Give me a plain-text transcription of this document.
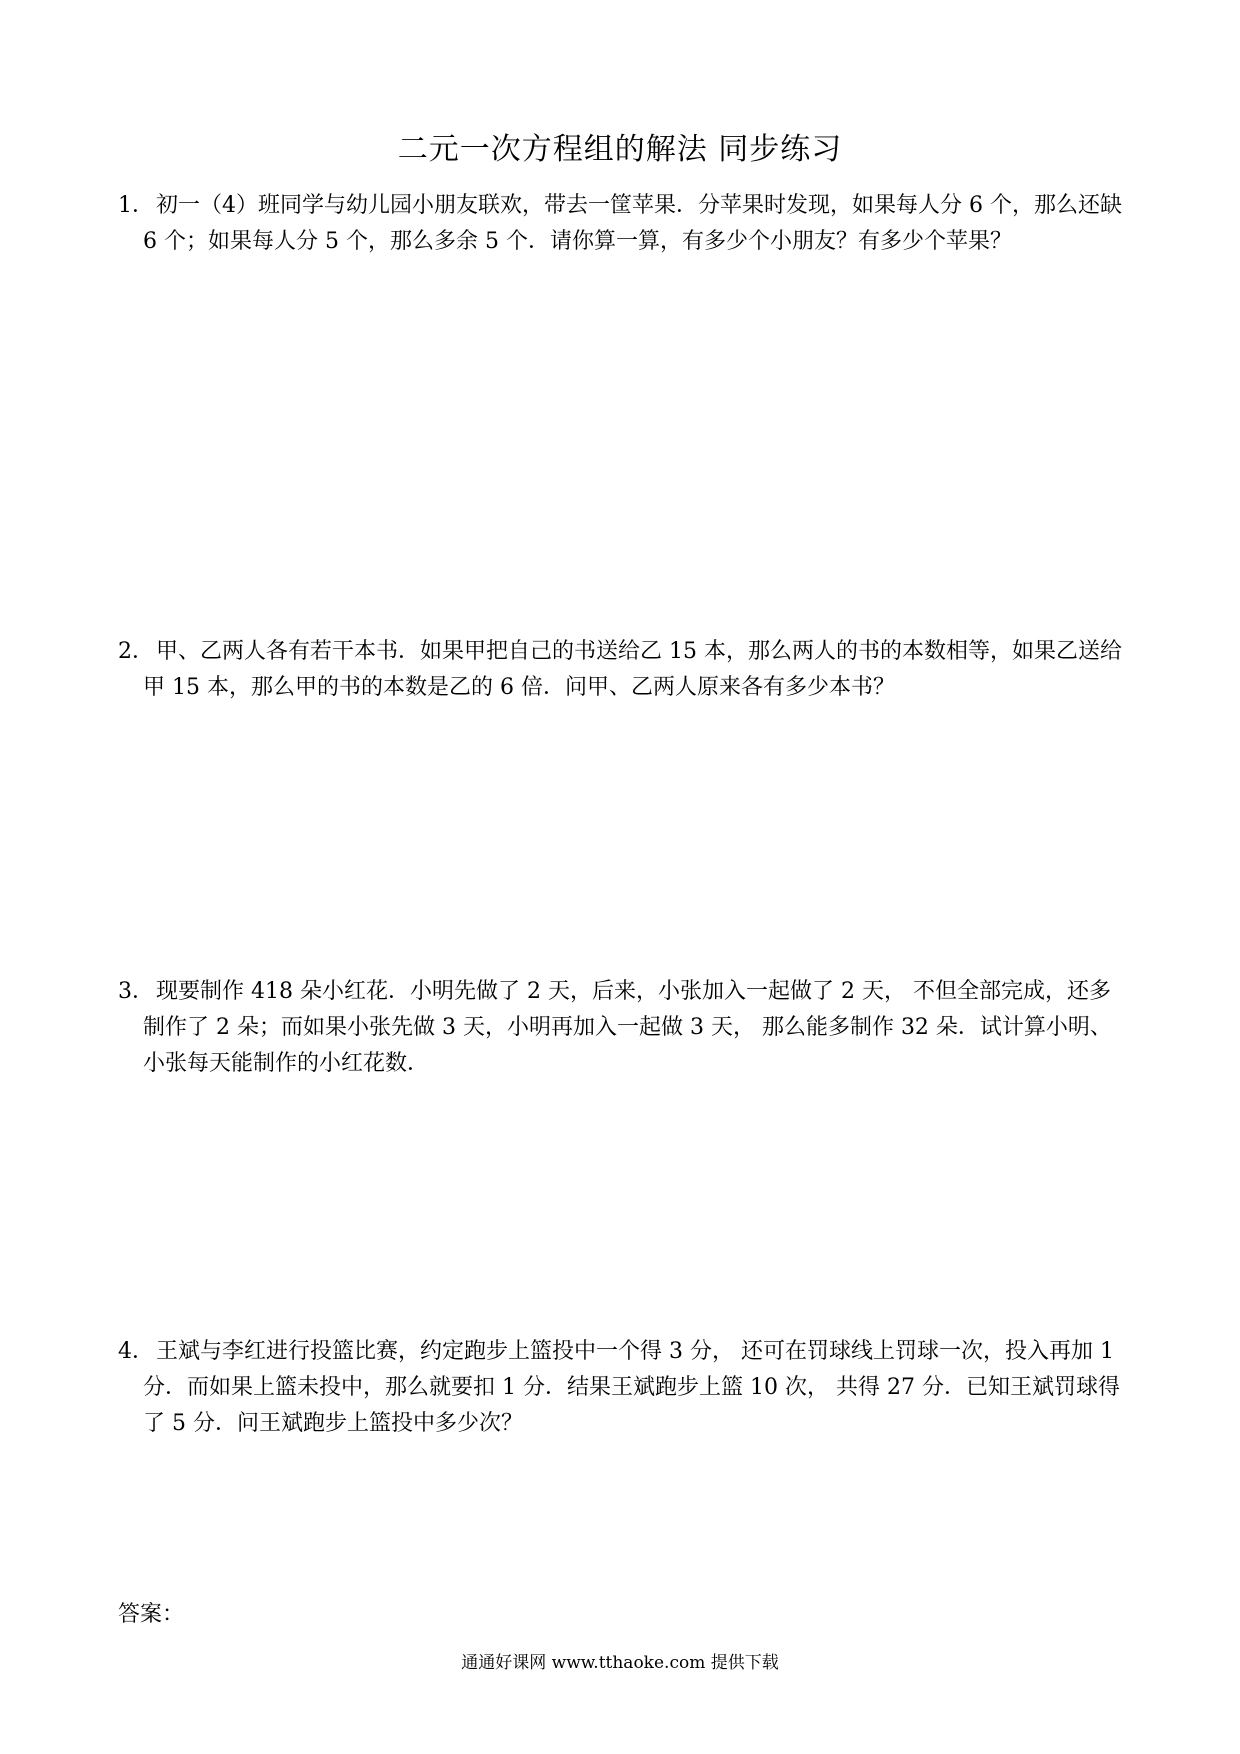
二元一次方程组的解法 同步练习
1．初一（4）班同学与幼儿园小朋友联欢，带去一筐苹果．分苹果时发现，如果每人分 6 个，那么还缺 6 个；如果每人分 5 个，那么多余 5 个．请你算一算，有多少个小朋友？有多少个苹果？
2．甲、乙两人各有若干本书．如果甲把自己的书送给乙 15 本，那么两人的书的本数相等，如果乙送给甲 15 本，那么甲的书的本数是乙的 6 倍．问甲、乙两人原来各有多少本书？
3．现要制作 418 朵小红花．小明先做了 2 天，后来，小张加入一起做了 2 天， 不但全部完成，还多制作了 2 朵；而如果小张先做 3 天，小明再加入一起做 3 天， 那么能多制作 32 朵．试计算小明、小张每天能制作的小红花数．
4．王斌与李红进行投篮比赛，约定跑步上篮投中一个得 3 分， 还可在罚球线上罚球一次，投入再加 1 分．而如果上篮未投中，那么就要扣 1 分．结果王斌跑步上篮 10 次， 共得 27 分．已知王斌罚球得了 5 分．问王斌跑步上篮投中多少次？
答案：
通通好课网 www.tthaoke.com 提供下载
